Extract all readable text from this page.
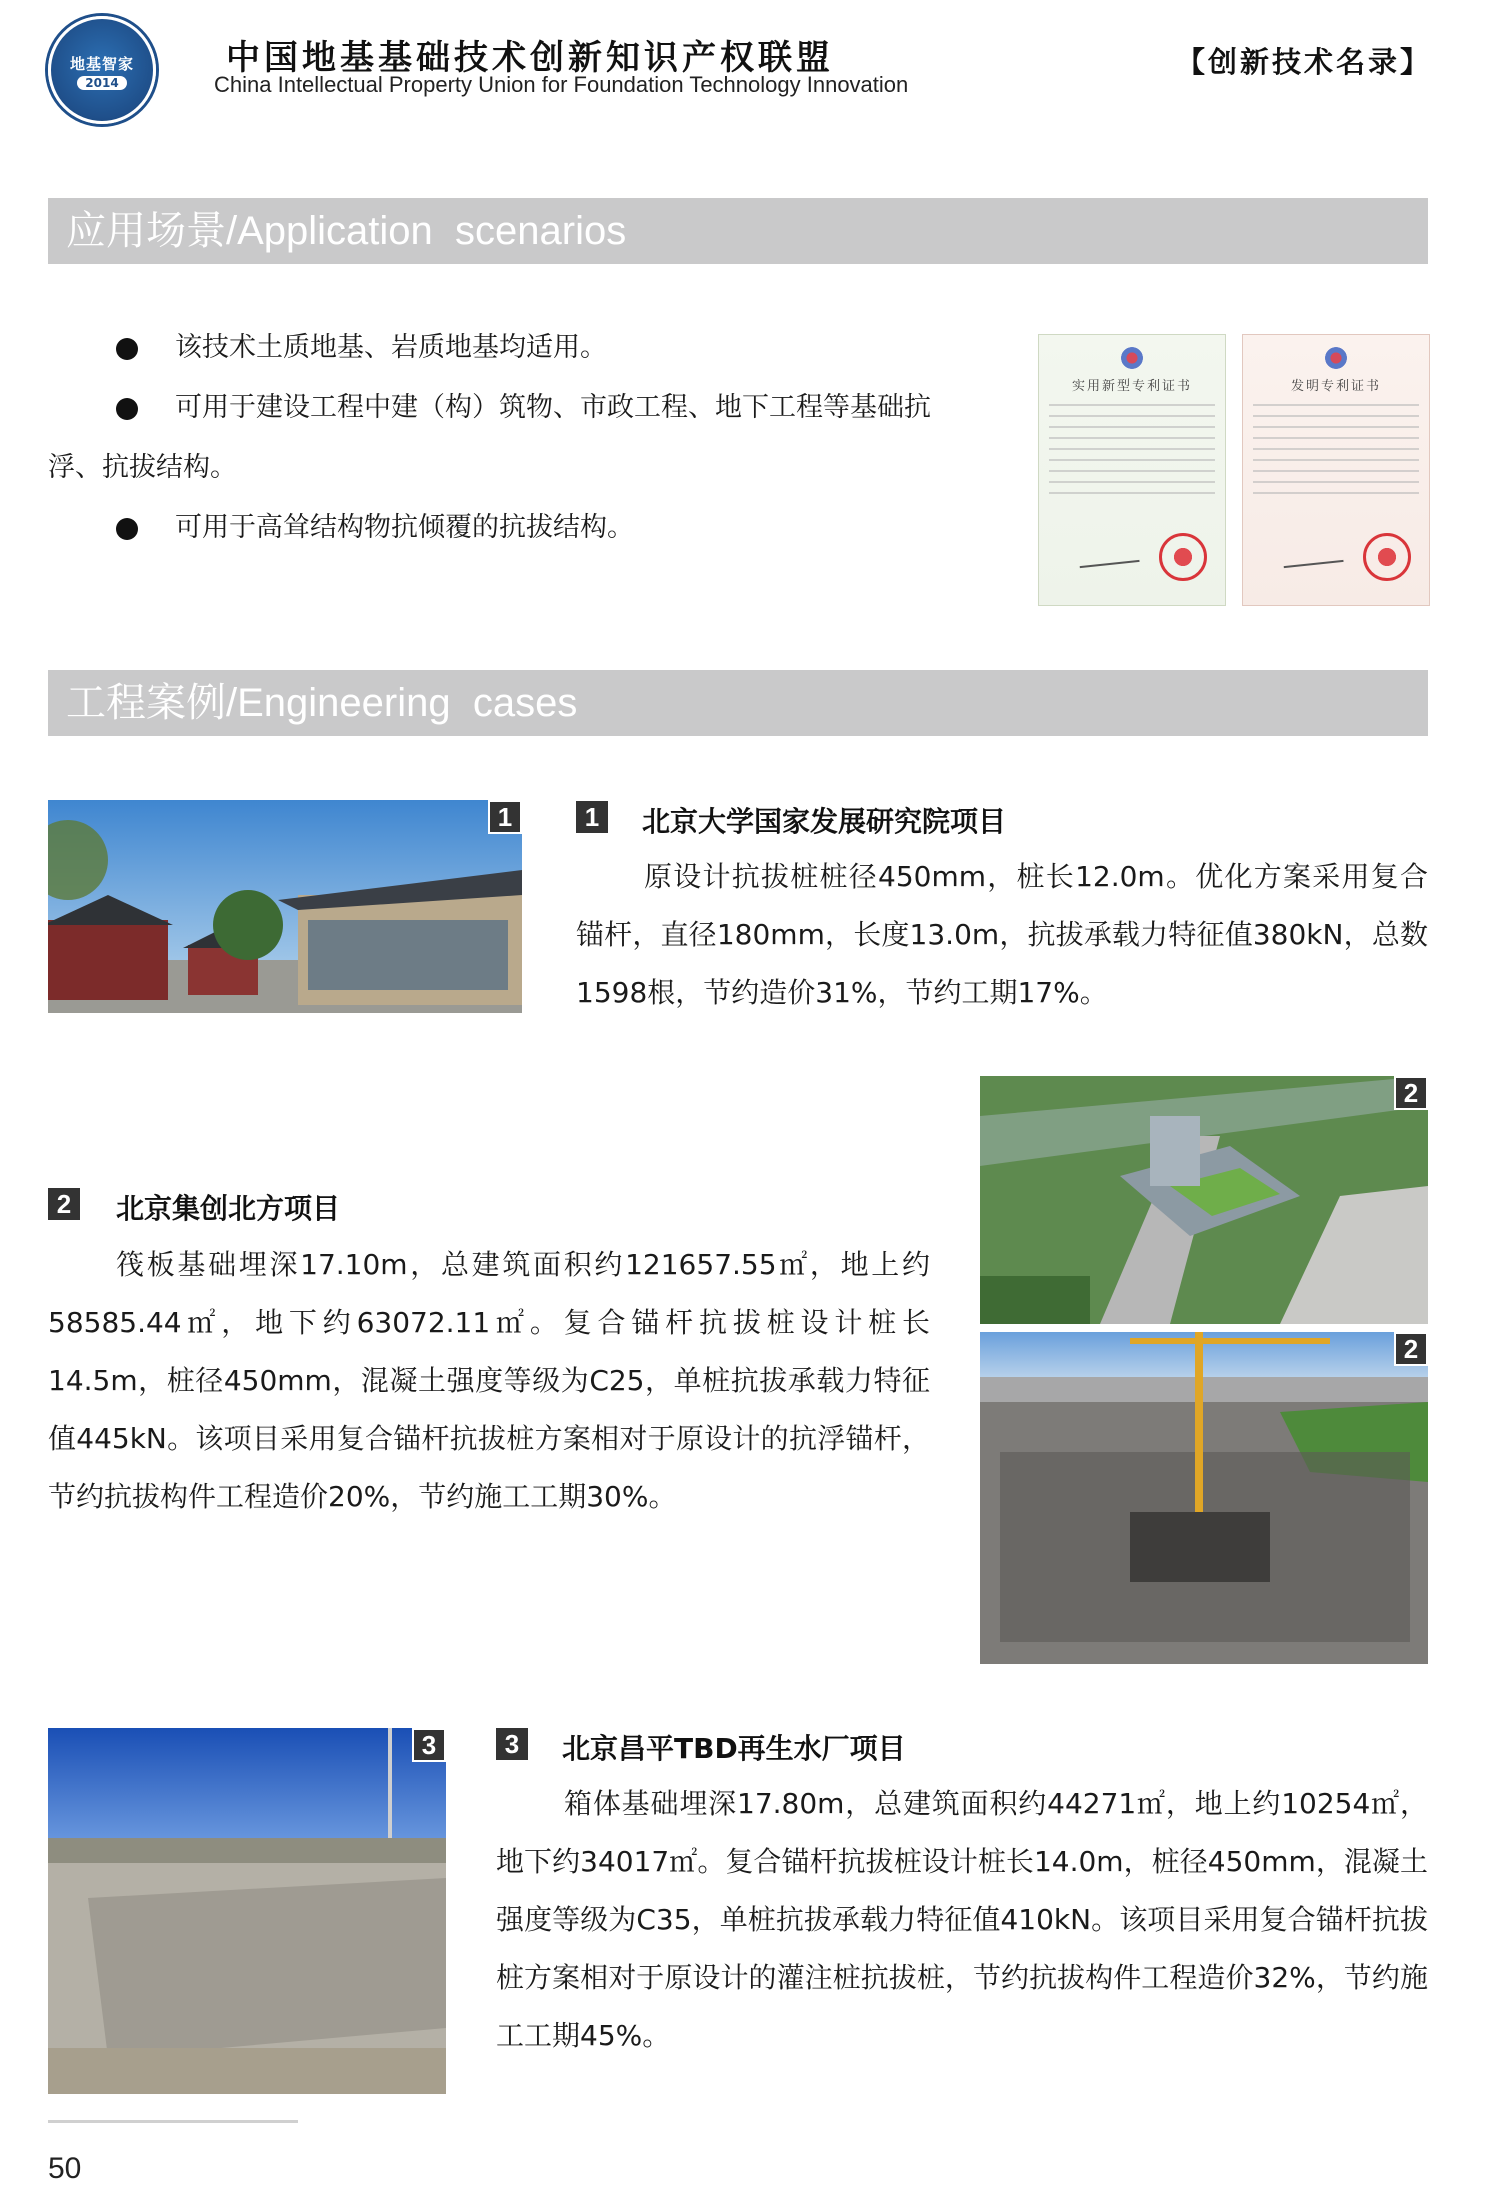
地基智家
2014
中国地基基础技术创新知识产权联盟
China Intellectual Property Union for Foundation Technology Innovation
【创新技术名录】
应用场景/Application  scenarios
该技术土质地基、岩质地基均适用。
可用于建设工程中建（构）筑物、市政工程、地下工程等基础抗
浮、抗拔结构。
可用于高耸结构物抗倾覆的抗拔结构。
实用新型专利证书	发明专利证书
工程案例/Engineering  cases
1	1	北京大学国家发展研究院项目
原设计抗拔桩桩径450mm，桩长12.0m。优化方案采用复合锚杆，直径180mm，长度13.0m，抗拔承载力特征值380kN，总数1598根，节约造价31%，节约工期17%。
2
2
2	北京集创北方项目
筏板基础埋深17.10m，总建筑面积约121657.55㎡，地上约58585.44㎡，地下约63072.11㎡。复合锚杆抗拔桩设计桩长14.5m，桩径450mm，混凝土强度等级为C25，单桩抗拔承载力特征值445kN。该项目采用复合锚杆抗拔桩方案相对于原设计的抗浮锚杆，节约抗拔构件工程造价20%，节约施工工期30%。
3	3	北京昌平TBD再生水厂项目
箱体基础埋深17.80m，总建筑面积约44271㎡，地上约10254㎡，地下约34017㎡。复合锚杆抗拔桩设计桩长14.0m，桩径450mm，混凝土强度等级为C35，单桩抗拔承载力特征值410kN。该项目采用复合锚杆抗拔桩方案相对于原设计的灌注桩抗拔桩，节约抗拔构件工程造价32%，节约施工工期45%。
50
